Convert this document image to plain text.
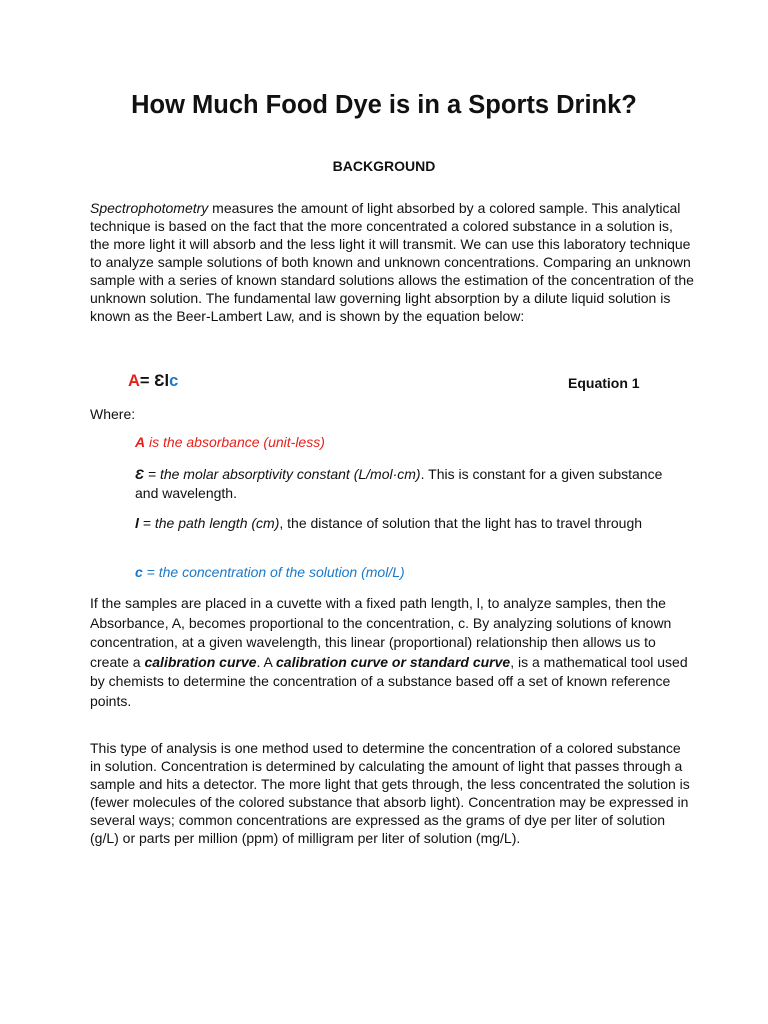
How Much Food Dye is in a Sports Drink?
BACKGROUND

Spectrophotometry measures the amount of light absorbed by a colored sample. This analytical technique is based on the fact that the more concentrated a colored substance in a solution is, the more light it will absorb and the less light it will transmit. We can use this laboratory technique to analyze sample solutions of both known and unknown concentrations. Comparing an unknown sample with a series of known standard solutions allows the estimation of the concentration of the unknown solution. The fundamental law governing light absorption by a dilute liquid solution is known as the Beer-Lambert Law, and is shown by the equation below:

A= Ɛlc	Equation 1

Where:

A is the absorbance (unit-less)
Ɛ = the molar absorptivity constant (L/mol·cm). This is constant for a given substance and wavelength.
l = the path length (cm), the distance of solution that the light has to travel through
c = the concentration of the solution (mol/L)

If the samples are placed in a cuvette with a fixed path length, l, to analyze samples, then the Absorbance, A, becomes proportional to the concentration, c. By analyzing solutions of known concentration, at a given wavelength, this linear (proportional) relationship then allows us to create a calibration curve. A calibration curve or standard curve, is a mathematical tool used by chemists to determine the concentration of a substance based off a set of known reference points.

This type of analysis is one method used to determine the concentration of a colored substance in solution. Concentration is determined by calculating the amount of light that passes through a sample and hits a detector. The more light that gets through, the less concentrated the solution is (fewer molecules of the colored substance that absorb light). Concentration may be expressed in several ways; common concentrations are expressed as the grams of dye per liter of solution (g/L) or parts per million (ppm) of milligram per liter of solution (mg/L).
